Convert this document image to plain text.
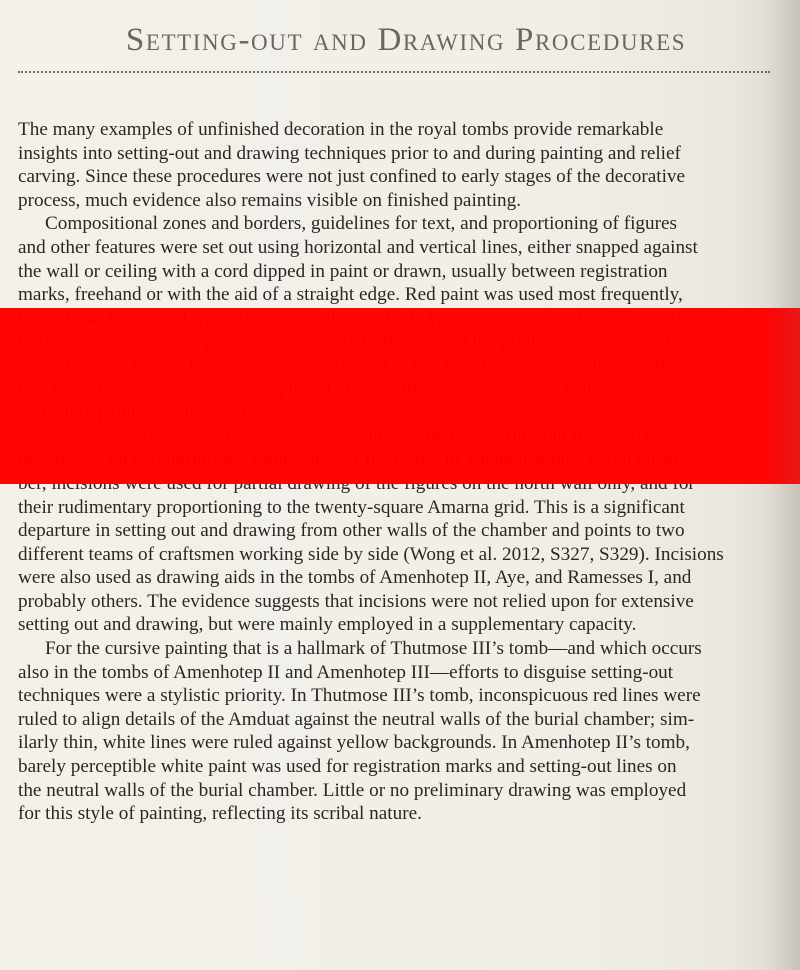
Setting-out and Drawing Procedures
The many examples of unfinished decoration in the royal tombs provide remarkable
insights into setting-out and drawing techniques prior to and during painting and relief
carving. Since these procedures were not just confined to early stages of the decorative
process, much evidence also remains visible on finished painting.
Compositional zones and borders, guidelines for text, and proportioning of figures
and other features were set out using horizontal and vertical lines, either snapped against
the wall or ceiling with a cord dipped in paint or drawn, usually between registration
marks, freehand or with the aid of a straight edge. Red paint was used most frequently,
their rudimentary proportioning to the twenty-square Amarna grid. This is a significant
departure in setting out and drawing from other walls of the chamber and points to two
different teams of craftsmen working side by side (Wong et al. 2012, S327, S329). Incisions
were also used as drawing aids in the tombs of Amenhotep II, Aye, and Ramesses I, and
probably others. The evidence suggests that incisions were not relied upon for extensive
setting out and drawing, but were mainly employed in a supplementary capacity.
For the cursive painting that is a hallmark of Thutmose III’s tomb—and which occurs
also in the tombs of Amenhotep II and Amenhotep III—efforts to disguise setting-out
techniques were a stylistic priority. In Thutmose III’s tomb, inconspicuous red lines were
ruled to align details of the Amduat against the neutral walls of the burial chamber; sim-
ilarly thin, white lines were ruled against yellow backgrounds. In Amenhotep II’s tomb,
barely perceptible white paint was used for registration marks and setting-out lines on
the neutral walls of the burial chamber. Little or no preliminary drawing was employed
for this style of painting, reflecting its scribal nature.
